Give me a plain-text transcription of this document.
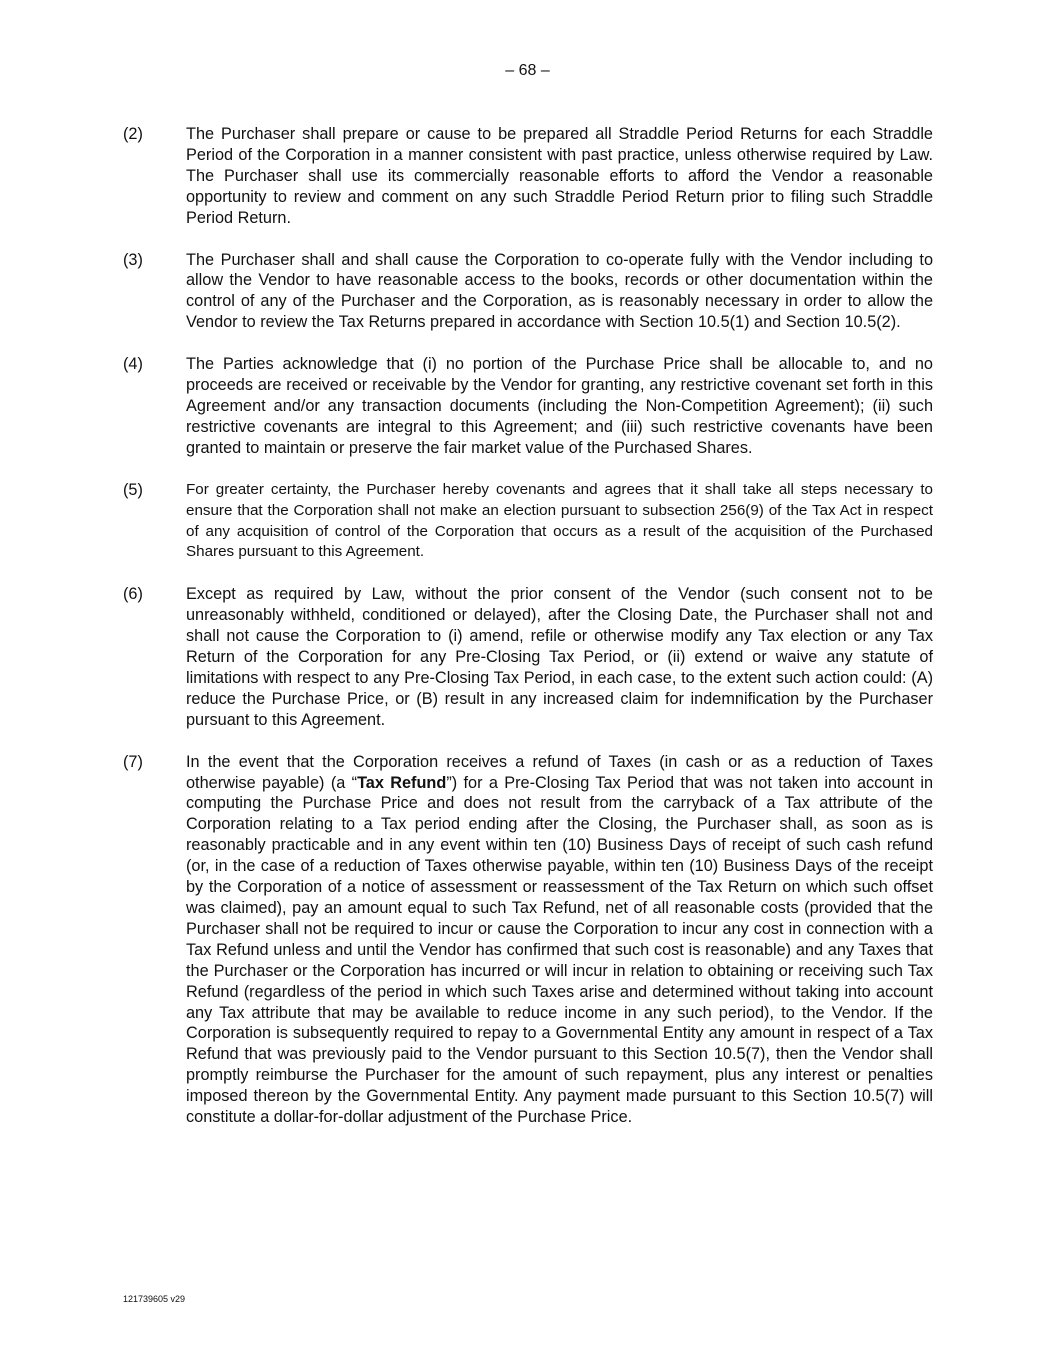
– 68 –
(2)	The Purchaser shall prepare or cause to be prepared all Straddle Period Returns for each Straddle Period of the Corporation in a manner consistent with past practice, unless otherwise required by Law. The Purchaser shall use its commercially reasonable efforts to afford the Vendor a reasonable opportunity to review and comment on any such Straddle Period Return prior to filing such Straddle Period Return.
(3)	The Purchaser shall and shall cause the Corporation to co-operate fully with the Vendor including to allow the Vendor to have reasonable access to the books, records or other documentation within the control of any of the Purchaser and the Corporation, as is reasonably necessary in order to allow the Vendor to review the Tax Returns prepared in accordance with Section 10.5(1) and Section 10.5(2).
(4)	The Parties acknowledge that (i) no portion of the Purchase Price shall be allocable to, and no proceeds are received or receivable by the Vendor for granting, any restrictive covenant set forth in this Agreement and/or any transaction documents (including the Non-Competition Agreement); (ii) such restrictive covenants are integral to this Agreement; and (iii) such restrictive covenants have been granted to maintain or preserve the fair market value of the Purchased Shares.
(5)	For greater certainty, the Purchaser hereby covenants and agrees that it shall take all steps necessary to ensure that the Corporation shall not make an election pursuant to subsection 256(9) of the Tax Act in respect of any acquisition of control of the Corporation that occurs as a result of the acquisition of the Purchased Shares pursuant to this Agreement.
(6)	Except as required by Law, without the prior consent of the Vendor (such consent not to be unreasonably withheld, conditioned or delayed), after the Closing Date, the Purchaser shall not and shall not cause the Corporation to (i) amend, refile or otherwise modify any Tax election or any Tax Return of the Corporation for any Pre-Closing Tax Period, or (ii) extend or waive any statute of limitations with respect to any Pre-Closing Tax Period, in each case, to the extent such action could: (A) reduce the Purchase Price, or (B) result in any increased claim for indemnification by the Purchaser pursuant to this Agreement.
(7)	In the event that the Corporation receives a refund of Taxes (in cash or as a reduction of Taxes otherwise payable) (a “Tax Refund”) for a Pre-Closing Tax Period that was not taken into account in computing the Purchase Price and does not result from the carryback of a Tax attribute of the Corporation relating to a Tax period ending after the Closing, the Purchaser shall, as soon as is reasonably practicable and in any event within ten (10) Business Days of receipt of such cash refund (or, in the case of a reduction of Taxes otherwise payable, within ten (10) Business Days of the receipt by the Corporation of a notice of assessment or reassessment of the Tax Return on which such offset was claimed), pay an amount equal to such Tax Refund, net of all reasonable costs (provided that the Purchaser shall not be required to incur or cause the Corporation to incur any cost in connection with a Tax Refund unless and until the Vendor has confirmed that such cost is reasonable) and any Taxes that the Purchaser or the Corporation has incurred or will incur in relation to obtaining or receiving such Tax Refund (regardless of the period in which such Taxes arise and determined without taking into account any Tax attribute that may be available to reduce income in any such period), to the Vendor. If the Corporation is subsequently required to repay to a Governmental Entity any amount in respect of a Tax Refund that was previously paid to the Vendor pursuant to this Section 10.5(7), then the Vendor shall promptly reimburse the Purchaser for the amount of such repayment, plus any interest or penalties imposed thereon by the Governmental Entity. Any payment made pursuant to this Section 10.5(7) will constitute a dollar-for-dollar adjustment of the Purchase Price.
121739605 v29
